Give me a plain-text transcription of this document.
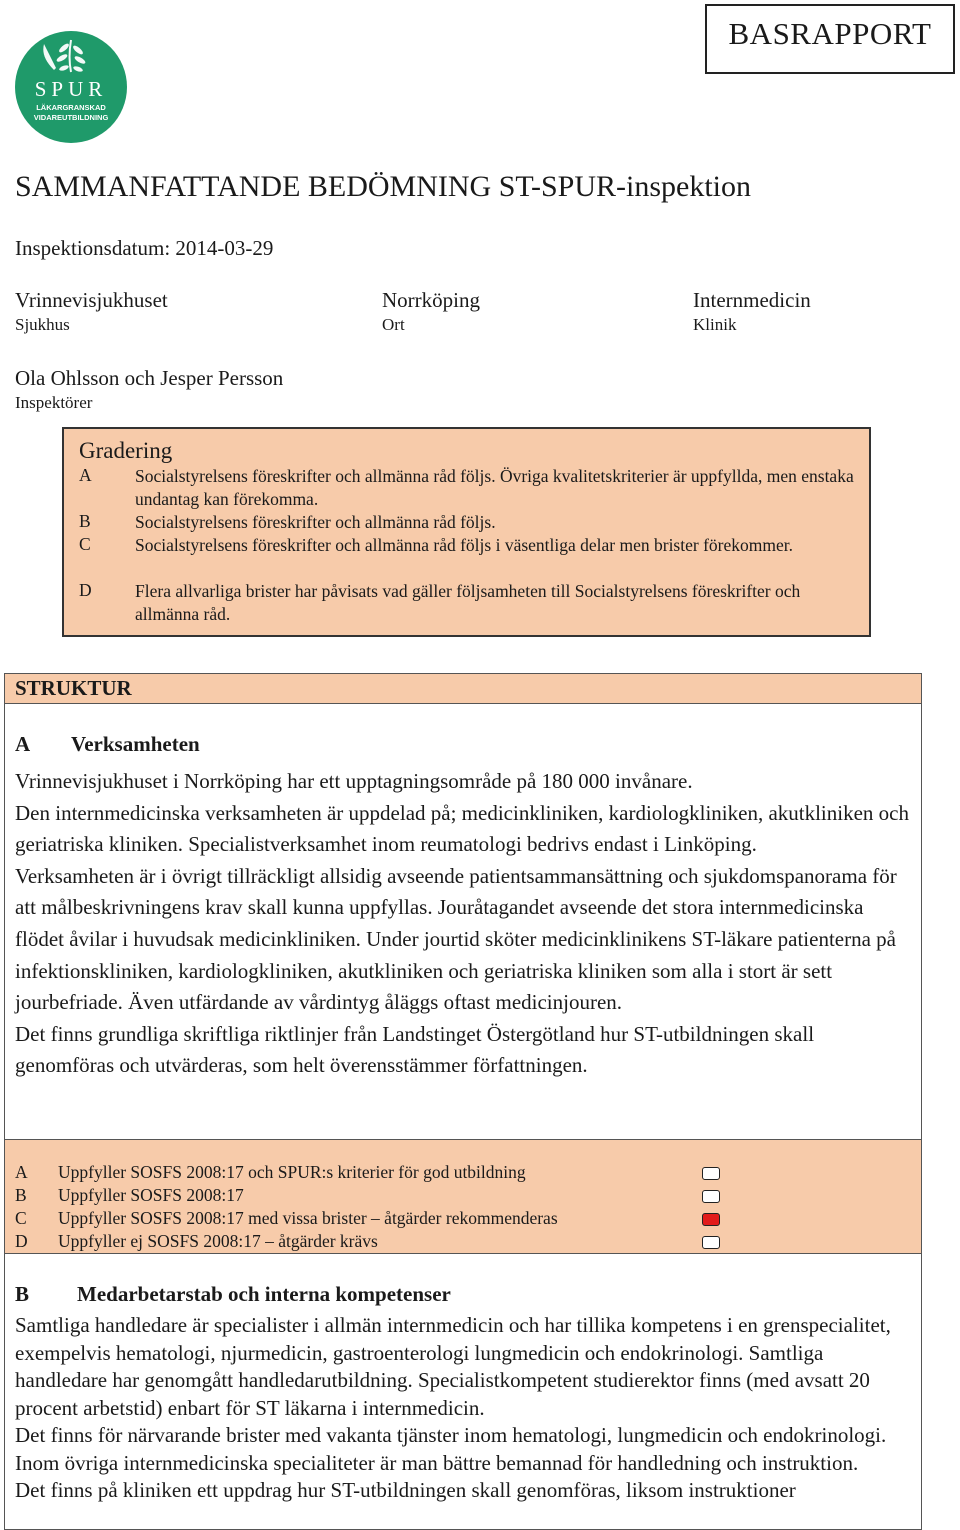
SPUR
LÄKARGRANSKAD
VIDAREUTBILDNING
BASRAPPORT
SAMMANFATTANDE BEDÖMNING ST-SPUR-inspektion
Inspektionsdatum: 2014-03-29
Vrinnevisjukhuset
Sjukhus
Norrköping
Ort
Internmedicin
Klinik
Ola Ohlsson och Jesper Persson
Inspektörer
Gradering
A Socialstyrelsens föreskrifter och allmänna råd följs. Övriga kvalitetskriterier är uppfyllda, men enstaka undantag kan förekomma.
B	Socialstyrelsens föreskrifter och allmänna råd följs.
C	Socialstyrelsens föreskrifter och allmänna råd följs i väsentliga delar men brister förekommer.
D Flera allvarliga brister har påvisats vad gäller följsamheten till Socialstyrelsens föreskrifter och allmänna råd.
STRUKTUR
A Verksamheten
Vrinnevisjukhuset i Norrköping har ett upptagningsområde på 180 000 invånare.
Den internmedicinska verksamheten är uppdelad på; medicinkliniken, kardiologkliniken, akutkliniken och geriatriska kliniken. Specialistverksamhet inom reumatologi bedrivs endast i Linköping.
Verksamheten är i övrigt tillräckligt allsidig avseende patientsammansättning och sjukdomspanorama för att målbeskrivningens krav skall kunna uppfyllas. Jouråtagandet avseende det stora internmedicinska flödet åvilar i huvudsak medicinkliniken. Under jourtid sköter medicinklinikens ST-läkare patienterna på infektionskliniken, kardiologkliniken, akutkliniken och geriatriska kliniken som alla i stort är sett jourbefriade. Även utfärdande av vårdintyg åläggs oftast medicinjouren.
Det finns grundliga skriftliga riktlinjer från Landstinget Östergötland hur ST-utbildningen skall genomföras och utvärderas, som helt överensstämmer författningen.
A Uppfyller SOSFS 2008:17 och SPUR:s kriterier för god utbildning
B Uppfyller SOSFS 2008:17
C Uppfyller SOSFS 2008:17 med vissa brister – åtgärder rekommenderas
D Uppfyller ej SOSFS 2008:17 – åtgärder krävs
B Medarbetarstab och interna kompetenser
Samtliga handledare är specialister i allmän internmedicin och har tillika kompetens i en grenspecialitet, exempelvis hematologi, njurmedicin, gastroenterologi lungmedicin och endokrinologi. Samtliga handledare har genomgått handledarutbildning. Specialistkompetent studierektor finns (med avsatt 20 procent arbetstid) enbart för ST läkarna i internmedicin.
Det finns för närvarande brister med vakanta tjänster inom hematologi, lungmedicin och endokrinologi. Inom övriga internmedicinska specialiteter är man bättre bemannad för handledning och instruktion.
Det finns på kliniken ett uppdrag hur ST-utbildningen skall genomföras, liksom instruktioner
